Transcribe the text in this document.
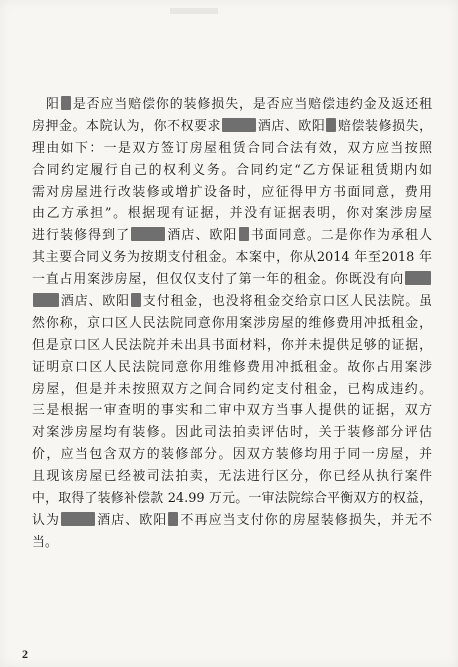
阳 是否应当赔偿你的装修损失，是否应当赔偿违约金及返还租
房押金。本院认为，你不权要求	酒店、欧阳 赔偿装修损失，
理由如下：一是双方签订房屋租赁合同合法有效，双方应当按照
合同约定履行自己的权利义务。合同约定“乙方保证租赁期内如
需对房屋进行改装修或增扩设备时，应征得甲方书面同意，费用
由乙方承担”。根据现有证据，并没有证据表明，你对案涉房屋
进行装修得到了	酒店、欧阳 书面同意。二是你作为承租人
其主要合同义务为按期支付租金。本案中，你从2014 年至2018 年
一直占用案涉房屋，但仅仅支付了第一年的租金。你既没有向
酒店、欧阳 支付租金，也没将租金交给京口区人民法院。虽
然你称，京口区人民法院同意你用案涉房屋的维修费用冲抵租金，
但是京口区人民法院并未出具书面材料，你并未提供足够的证据，
证明京口区人民法院同意你用维修费用冲抵租金。故你占用案涉
房屋，但是并未按照双方之间合同约定支付租金，已构成违约。
三是根据一审查明的事实和二审中双方当事人提供的证据，双方
对案涉房屋均有装修。因此司法拍卖评估时，关于装修部分评估
价，应当包含双方的装修部分。因双方装修均用于同一房屋，并
且现该房屋已经被司法拍卖，无法进行区分，你已经从执行案件
中，取得了装修补偿款 24.99 万元。一审法院综合平衡双方的权益，
认为	酒店、欧阳 不再应当支付你的房屋装修损失，并无不
当。
2
